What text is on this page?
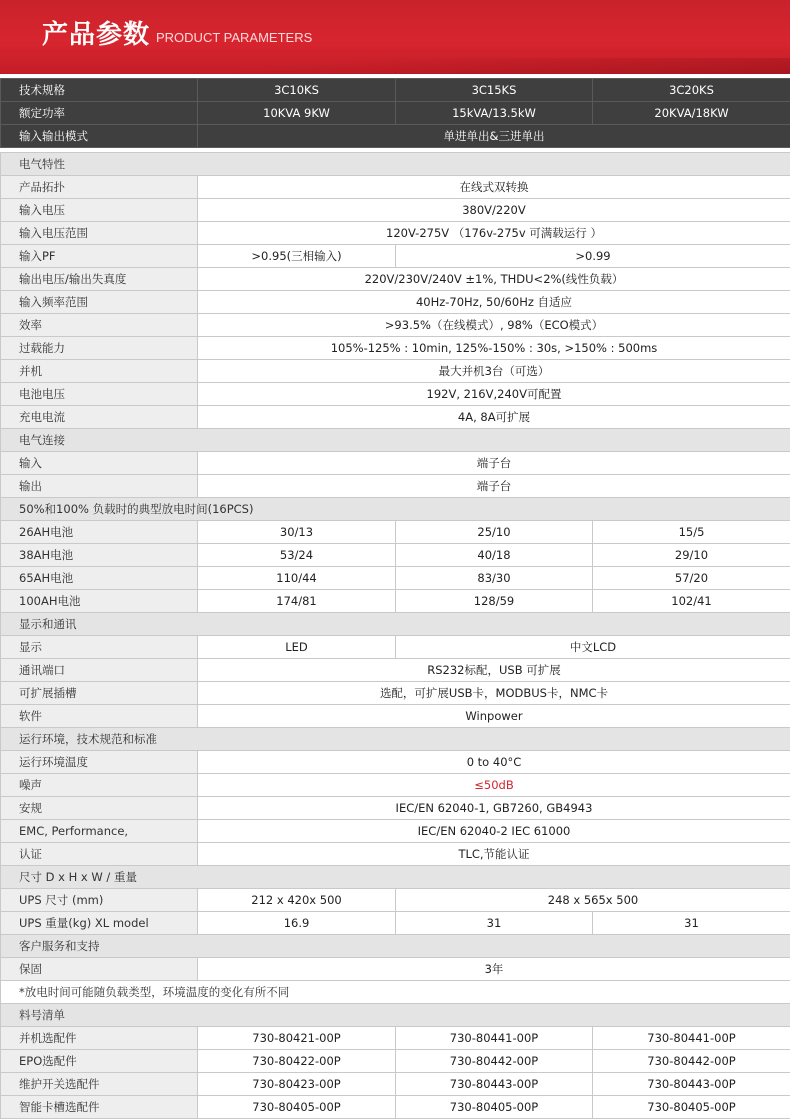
产品参数 PRODUCT PARAMETERS

技术规格	3C10KS	3C15KS	3C20KS
额定功率	10KVA 9KW	15kVA/13.5kW	20KVA/18KW
输入输出模式	单进单出&三进单出		

电气特性			
产品拓扑	在线式双转换		
输入电压	380V/220V		
输入电压范围	120V-275V （176v-275v 可满载运行 ）		
输入PF	>0.95(三相输入)	>0.99	
输出电压/输出失真度	220V/230V/240V ±1%, THDU<2%(线性负载）		
输入频率范围	40Hz-70Hz, 50/60Hz 自适应		
效率	>93.5%（在线模式）, 98%（ECO模式）		
过载能力	105%-125% : 10min, 125%-150% : 30s, >150% : 500ms		
并机	最大并机3台（可选）		
电池电压	192V, 216V,240V可配置		
充电电流	4A, 8A可扩展		
电气连接			
输入	端子台		
输出	端子台		
50%和100% 负载时的典型放电时间(16PCS)			
26AH电池	30/13	25/10	15/5
38AH电池	53/24	40/18	29/10
65AH电池	110/44	83/30	57/20
100AH电池	174/81	128/59	102/41
显示和通讯			
显示	LED	中文LCD	
通讯端口	RS232标配，USB 可扩展		
可扩展插槽	选配，可扩展USB卡，MODBUS卡，NMC卡		
软件	Winpower		
运行环境，技术规范和标准			
运行环境温度	0 to 40°C		
噪声	≤50dB		
安规	IEC/EN 62040-1, GB7260, GB4943		
EMC, Performance,	IEC/EN 62040-2 IEC 61000		
认证	TLC,节能认证		
尺寸 D x H x W / 重量			
UPS 尺寸 (mm)	212 x 420x 500	248 x 565x 500	
UPS 重量(kg) XL model	16.9	31	31
客户服务和支持			
保固	3年		
*放电时间可能随负载类型，环境温度的变化有所不同			
料号清单			
并机选配件	730-80421-00P	730-80441-00P	730-80441-00P
EPO选配件	730-80422-00P	730-80442-00P	730-80442-00P
维护开关选配件	730-80423-00P	730-80443-00P	730-80443-00P
智能卡槽选配件	730-80405-00P	730-80405-00P	730-80405-00P
